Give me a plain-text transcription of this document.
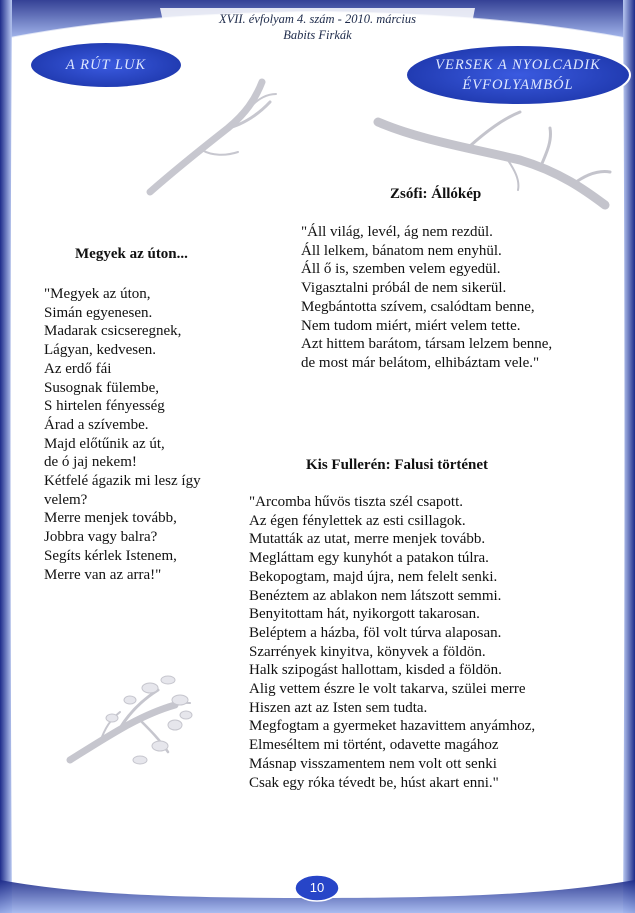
XVII. évfolyam 4. szám - 2010. március
Babits Firkák
A RÚT LUK	VERSEK A NYOLCADIK
ÉVFOLYAMBÓL
Zsófi: Állókép
"Áll világ, levél, ág nem rezdül.
Áll lelkem, bánatom nem enyhül.
Áll ő is, szemben velem egyedül.
Vigasztalni próbál de nem sikerül.
Megbántotta szívem, csalódtam benne,
Nem tudom miért, miért velem tette.
Azt hittem barátom, társam lelzem benne,
de most már belátom, elhibáztam vele."
Megyek az úton...
"Megyek az úton,
Simán egyenesen.
Madarak csicseregnek,
Lágyan, kedvesen.
Az erdő fái
Susognak fülembe,
S hirtelen fényesség
Árad a szívembe.
Majd előtűnik az út,
de ó jaj nekem!
Kétfelé ágazik mi lesz így
velem?
Merre menjek tovább,
Jobbra vagy balra?
Segíts kérlek Istenem,
Merre van az arra!"
Kis Fullerén: Falusi történet
"Arcomba hűvös tiszta szél csapott.
Az égen fénylettek az esti csillagok.
Mutatták az utat, merre menjek tovább.
Megláttam egy kunyhót a patakon túlra.
Bekopogtam, majd újra, nem felelt senki.
Benéztem az ablakon nem látszott semmi.
Benyitottam hát, nyikorgott takarosan.
Beléptem a házba, föl volt túrva alaposan.
Szarrények kinyitva, könyvek a földön.
Halk szipogást hallottam, kisded a földön.
Alig vettem észre le volt takarva, szülei merre
Hiszen azt az Isten sem tudta.
Megfogtam a gyermeket hazavittem anyámhoz,
Elmeséltem mi történt, odavette magához
Másnap visszamentem nem volt ott senki
Csak egy róka tévedt be, húst akart enni."
10
